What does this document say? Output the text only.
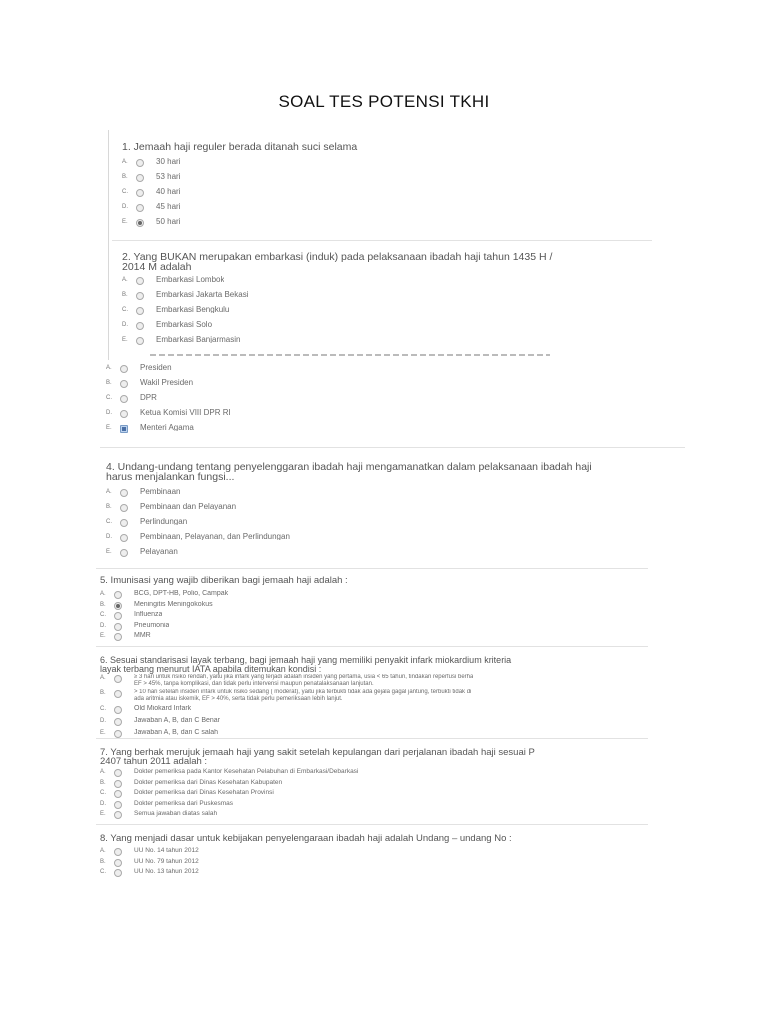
SOAL TES POTENSI TKHI
1. Jemaah haji reguler berada ditanah suci selama
A.	30 hari
B.	53 hari
C.	40 hari
D.	45 hari
E.	50 hari
2. Yang BUKAN merupakan embarkasi (induk) pada pelaksanaan ibadah haji tahun 1435 H /
2014 M adalah
A.	Embarkasi Lombok
B.	Embarkasi Jakarta Bekasi
C.	Embarkasi Bengkulu
D.	Embarkasi Solo
E.	Embarkasi Banjarmasin
A.	Presiden
B.	Wakil Presiden
C.	DPR
D.	Ketua Komisi VIII DPR RI
E.	Menteri Agama
4. Undang-undang tentang penyelenggaran ibadah haji mengamanatkan dalam pelaksanaan ibadah haji
harus menjalankan fungsi...
A.	Pembinaan
B.	Pembinaan dan Pelayanan
C.	Perlindungan
D.	Pembinaan, Pelayanan, dan Perlindungan
E.	Pelayanan
5. Imunisasi yang wajib diberikan bagi jemaah haji adalah :
A.	BCG, DPT-HB, Polio, Campak
B.	Meningitis Meningokokus
C.	Influenza
D.	Pneumonia
E.	MMR
6. Sesuai standarisasi layak terbang, bagi jemaah haji yang memiliki penyakit infark miokardium kriteria
layak terbang menurut IATA apabila ditemukan kondisi :
A.	≥ 3 hari untuk risiko rendah, yaitu jika infark yang terjadi adalah insiden yang pertama, usia < 65 tahun, tindakan reperfusi berha
EF > 45%, tanpa komplikasi, dan tidak perlu intervensi maupun penatalaksanaan lanjutan.
B.	> 10 hari setelah insiden infark untuk risiko sedang ( moderat), yaitu jika terbukti tidak ada gejala gagal jantung, terbukti tidak di
ada aritmia atau iskemik, EF > 40%, serta tidak perlu pemeriksaan lebih lanjut.
C.	Old Miokard Infark
D.	Jawaban A, B, dan C Benar
E.	Jawaban A, B, dan C salah
7. Yang berhak merujuk jemaah haji yang sakit setelah kepulangan dari perjalanan ibadah haji sesuai P
2407 tahun 2011 adalah :
A.	Dokter pemeriksa pada Kantor Kesehatan Pelabuhan di Embarkasi/Debarkasi
B.	Dokter pemeriksa dari Dinas Kesehatan Kabupaten
C.	Dokter pemeriksa dari Dinas Kesehatan Provinsi
D.	Dokter pemeriksa dari Puskesmas
E.	Semua jawaban diatas salah
8. Yang menjadi dasar untuk kebijakan penyelengaraan ibadah haji adalah Undang – undang No :
A.	UU No. 14 tahun 2012
B.	UU No. 79 tahun 2012
C.	UU No. 13 tahun 2012
